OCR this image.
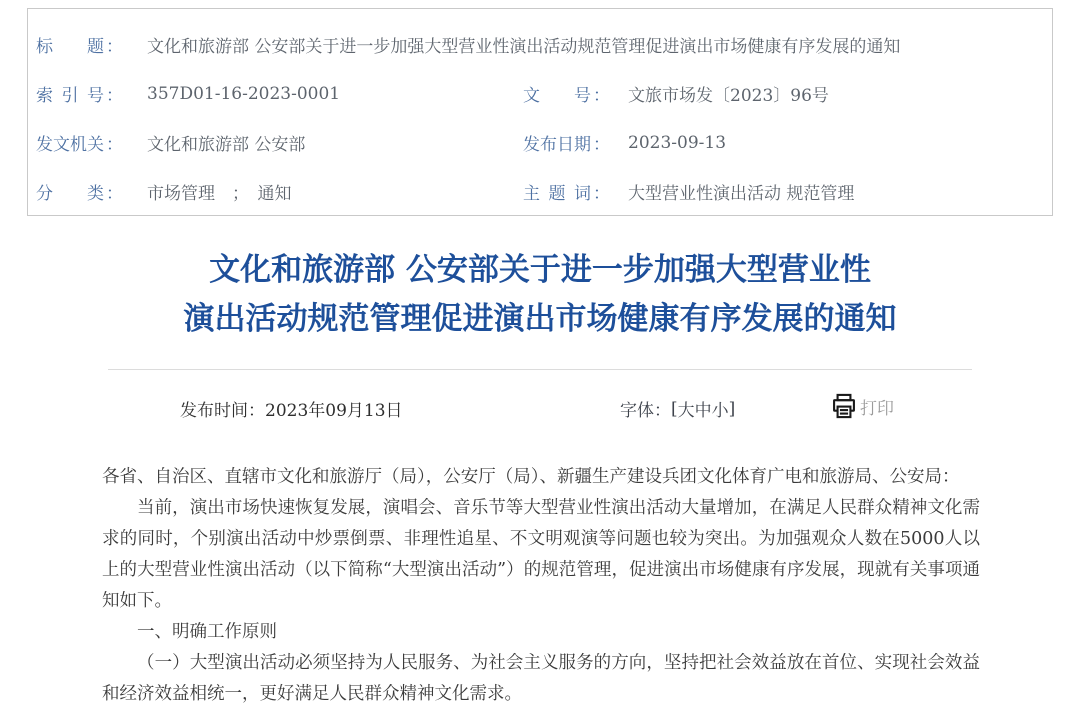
标　　题 ： 文化和旅游部 公安部关于进一步加强大型营业性演出活动规范管理促进演出市场健康有序发展的通知
索 引 号 ： 357D01-16-2023-0001	文　　号 ： 文旅市场发〔2023〕96号
发文机关 ： 文化和旅游部 公安部	发布日期 ： 2023-09-13
分　　类 ： 市场管理　；　通知	主 题 词 ： 大型营业性演出活动 规范管理
文化和旅游部 公安部关于进一步加强大型营业性
演出活动规范管理促进演出市场健康有序发展的通知
发布时间：2023年09月13日	字体： [ 大 中 小 ]	打印

各省、自治区、直辖市文化和旅游厅（局），公安厅（局）、新疆生产建设兵团文化体育广电和旅游局、公安局：

当前，演出市场快速恢复发展，演唱会、音乐节等大型营业性演出活动大量增加，在满足人民群众精神文化需求的同时，个别演出活动中炒票倒票、非理性追星、不文明观演等问题也较为突出。为加强观众人数在5000人以上的大型营业性演出活动（以下简称“大型演出活动”）的规范管理，促进演出市场健康有序发展，现就有关事项通知如下。

一、明确工作原则

（一）大型演出活动必须坚持为人民服务、为社会主义服务的方向，坚持把社会效益放在首位、实现社会效益和经济效益相统一，更好满足人民群众精神文化需求。
